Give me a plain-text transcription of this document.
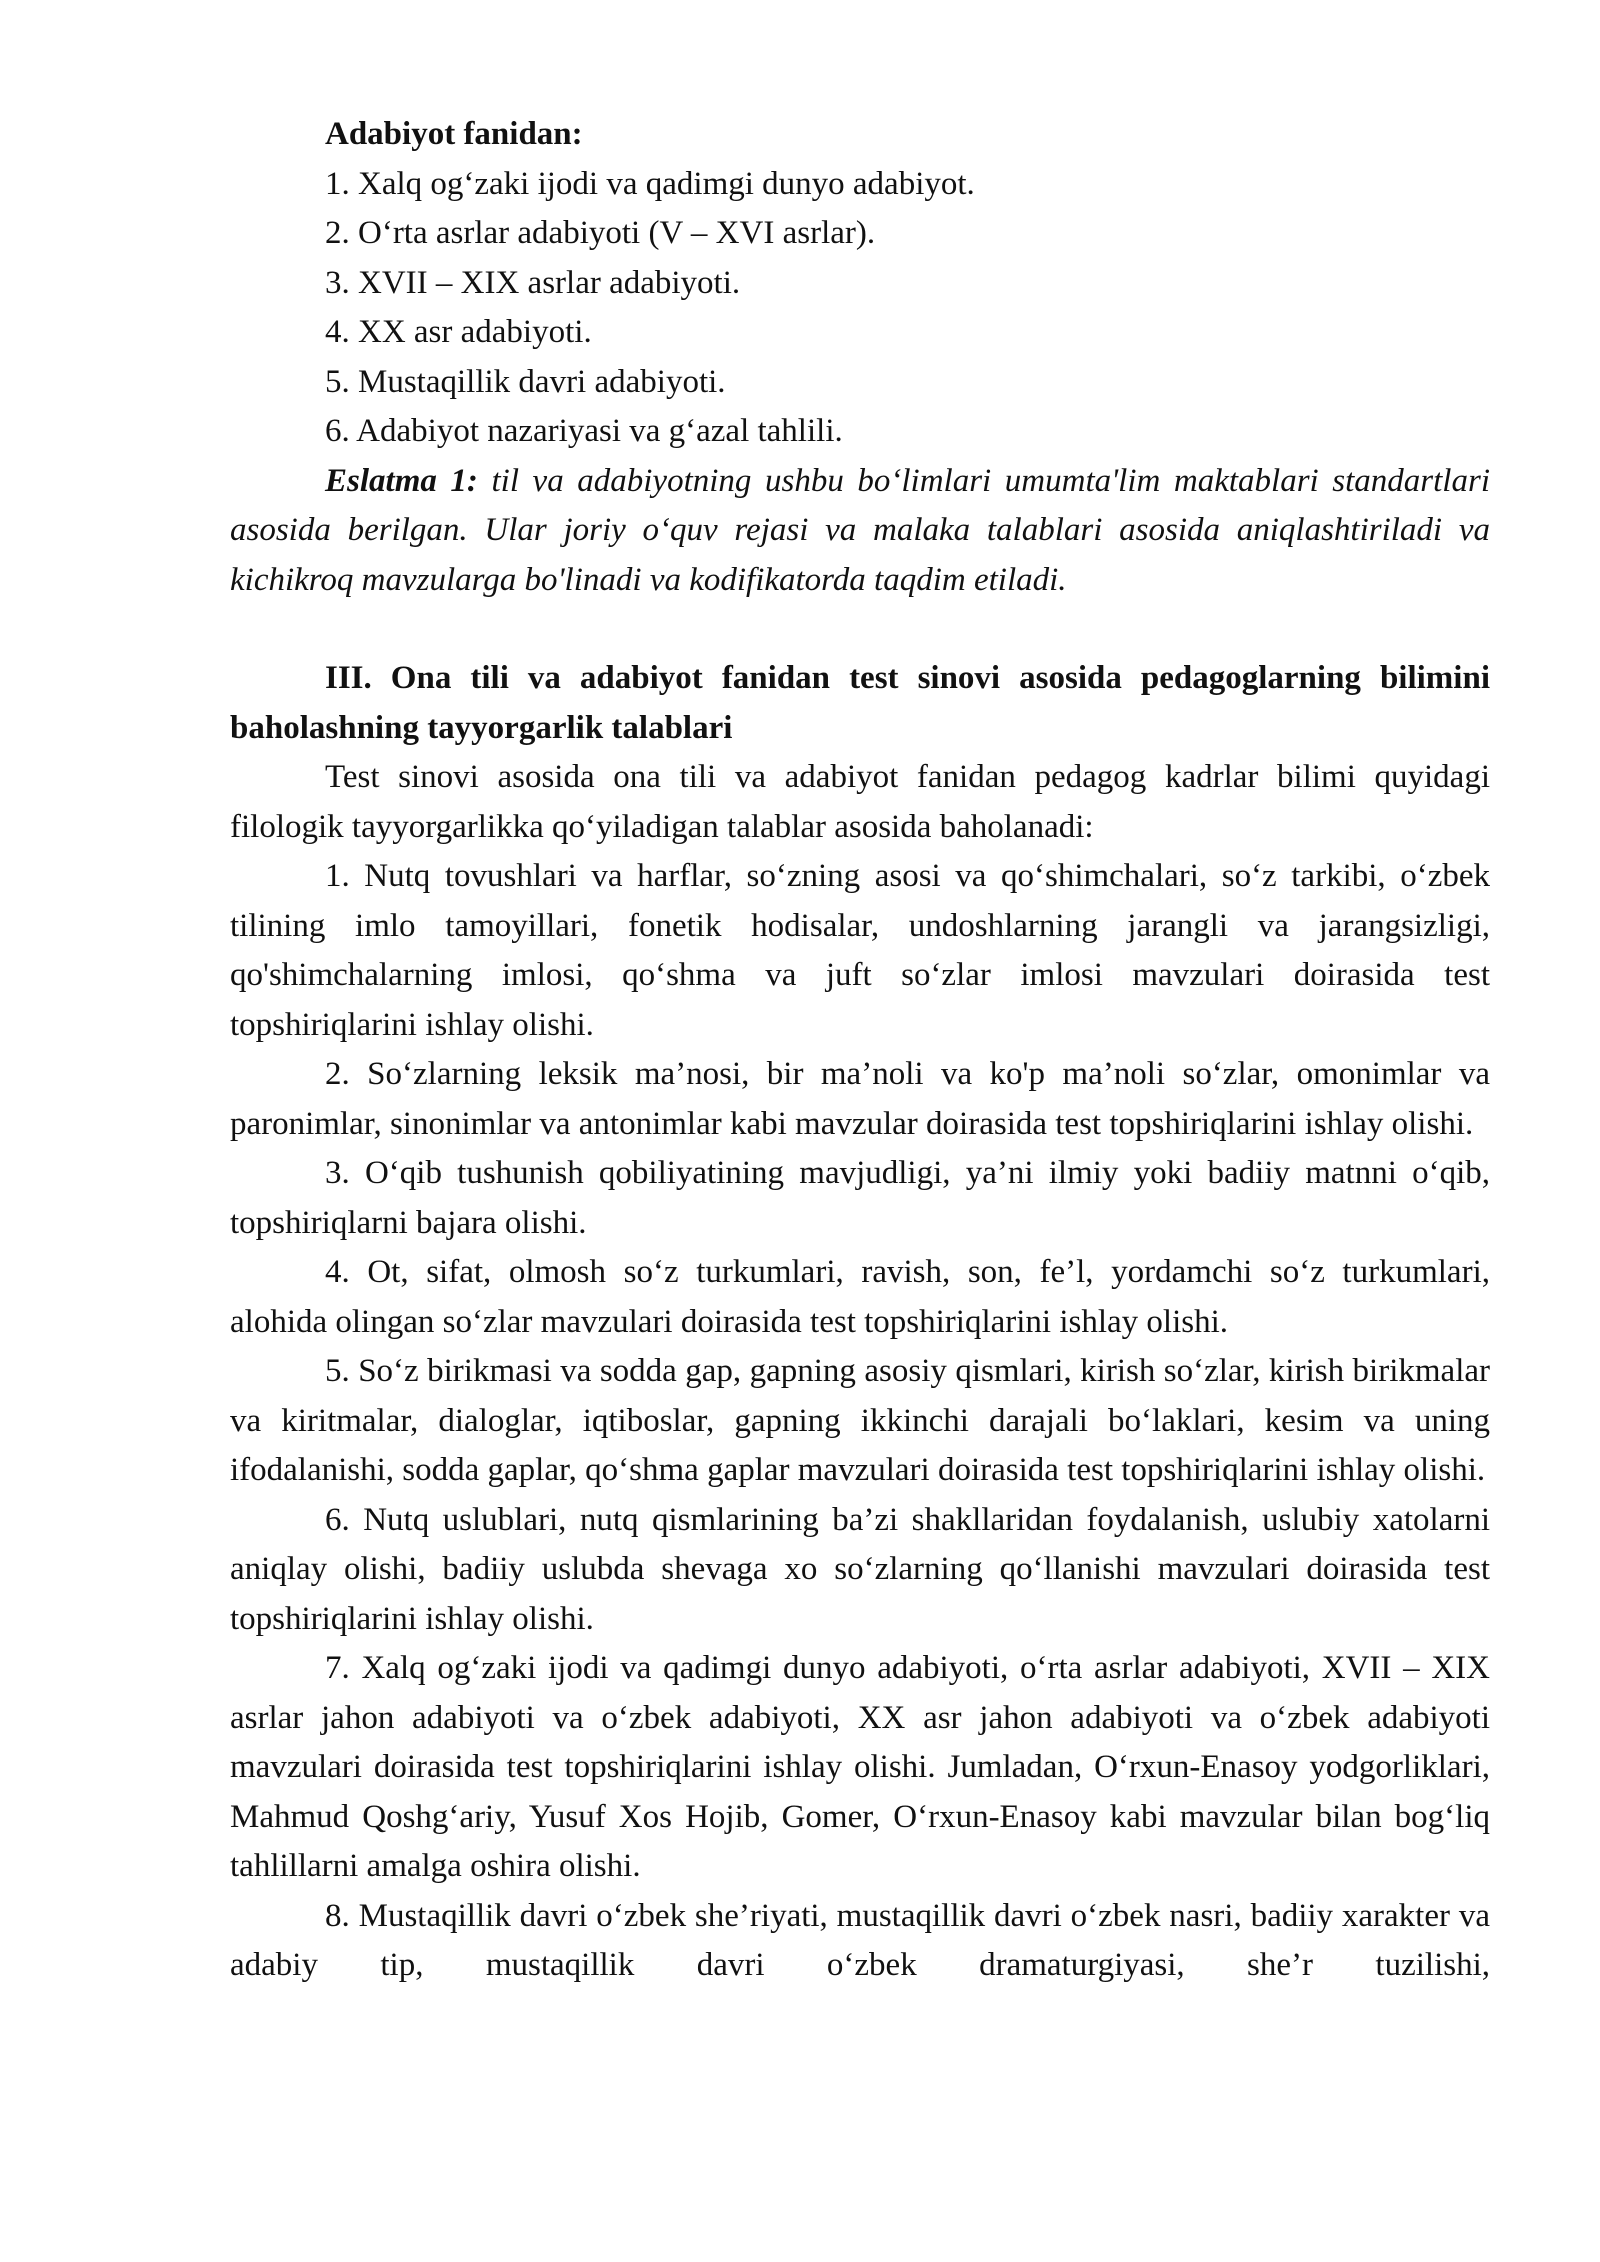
Adabiyot fanidan:
1. Xalq og‘zaki ijodi va qadimgi dunyo adabiyot.
2. O‘rta asrlar adabiyoti (V – XVI asrlar).
3. XVII – XIX asrlar adabiyoti.
4. XX asr adabiyoti.
5. Mustaqillik davri adabiyoti.
6. Adabiyot nazariyasi va g‘azal tahlili.

Eslatma 1: til va adabiyotning ushbu bo‘limlari umumta'lim maktablari standartlari asosida berilgan. Ular joriy o‘quv rejasi va malaka talablari asosida aniqlashtiriladi va kichikroq mavzularga bo'linadi va kodifikatorda taqdim etiladi.

III. Ona tili va adabiyot fanidan test sinovi asosida pedagoglarning bilimini baholashning tayyorgarlik talablari

Test sinovi asosida ona tili va adabiyot fanidan pedagog kadrlar bilimi quyidagi filologik tayyorgarlikka qo‘yiladigan talablar asosida baholanadi:

1. Nutq tovushlari va harflar, so‘zning asosi va qo‘shimchalari, so‘z tarkibi, o‘zbek tilining imlo tamoyillari, fonetik hodisalar, undoshlarning jarangli va jarangsizligi, qo'shimchalarning imlosi, qo‘shma va juft so‘zlar imlosi mavzulari doirasida test topshiriqlarini ishlay olishi.

2. So‘zlarning leksik ma’nosi, bir ma’noli va ko'p ma’noli so‘zlar, omonimlar va paronimlar, sinonimlar va antonimlar kabi mavzular doirasida test topshiriqlarini ishlay olishi.

3. O‘qib tushunish qobiliyatining mavjudligi, ya’ni ilmiy yoki badiiy matnni o‘qib, topshiriqlarni bajara olishi.

4. Ot, sifat, olmosh so‘z turkumlari, ravish, son, fe’l, yordamchi so‘z turkumlari, alohida olingan so‘zlar mavzulari doirasida test topshiriqlarini ishlay olishi.

5. So‘z birikmasi va sodda gap, gapning asosiy qismlari, kirish so‘zlar, kirish birikmalar va kiritmalar, dialoglar, iqtiboslar, gapning ikkinchi darajali bo‘laklari, kesim va uning ifodalanishi, sodda gaplar, qo‘shma gaplar mavzulari doirasida test topshiriqlarini ishlay olishi.

6. Nutq uslublari, nutq qismlarining ba’zi shakllaridan foydalanish, uslubiy xatolarni aniqlay olishi, badiiy uslubda shevaga xo so‘zlarning qo‘llanishi mavzulari doirasida test topshiriqlarini ishlay olishi.

7. Xalq og‘zaki ijodi va qadimgi dunyo adabiyoti, o‘rta asrlar adabiyoti, XVII – XIX asrlar jahon adabiyoti va o‘zbek adabiyoti, XX asr jahon adabiyoti va o‘zbek adabiyoti mavzulari doirasida test topshiriqlarini ishlay olishi. Jumladan, O‘rxun-Enasoy yodgorliklari, Mahmud Qoshg‘ariy, Yusuf Xos Hojib, Gomer, O‘rxun-Enasoy kabi mavzular bilan bog‘liq tahlillarni amalga oshira olishi.

8. Mustaqillik davri o‘zbek she’riyati, mustaqillik davri o‘zbek nasri, badiiy xarakter va adabiy tip, mustaqillik davri o‘zbek dramaturgiyasi, she’r tuzilishi,
